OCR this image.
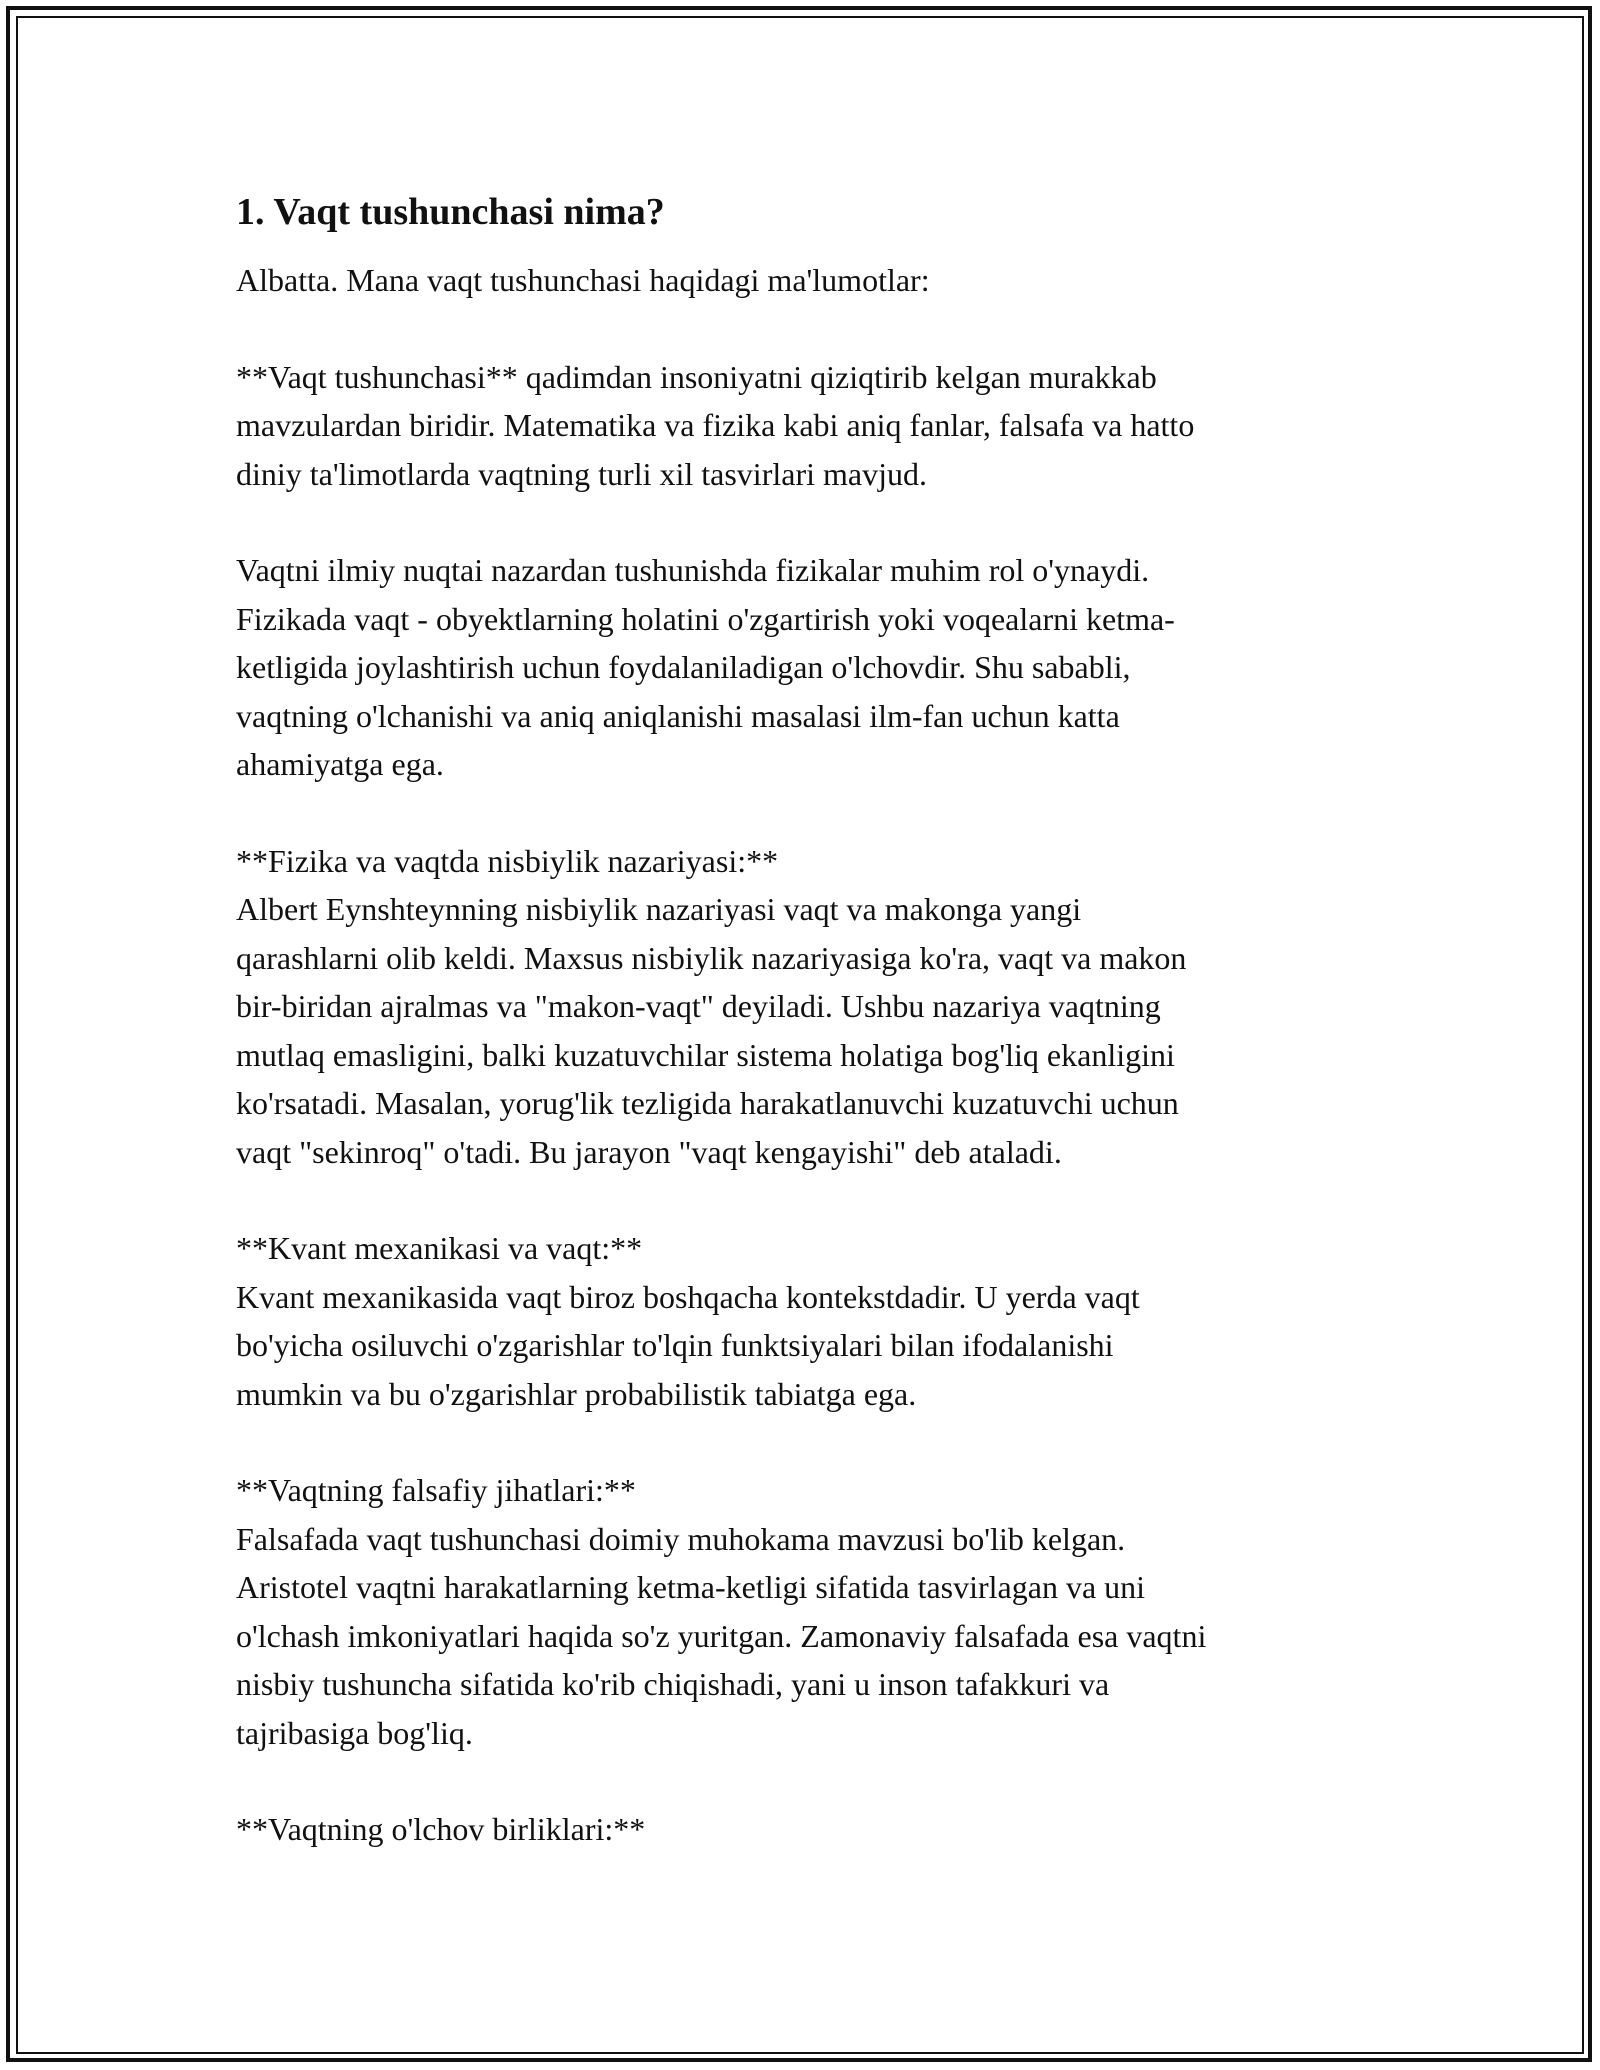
1. Vaqt tushunchasi nima?

Albatta. Mana vaqt tushunchasi haqidagi ma'lumotlar:

**Vaqt tushunchasi** qadimdan insoniyatni qiziqtirib kelgan murakkab
mavzulardan biridir. Matematika va fizika kabi aniq fanlar, falsafa va hatto
diniy ta'limotlarda vaqtning turli xil tasvirlari mavjud.

Vaqtni ilmiy nuqtai nazardan tushunishda fizikalar muhim rol o'ynaydi.
Fizikada vaqt - obyektlarning holatini o'zgartirish yoki voqealarni ketma-
ketligida joylashtirish uchun foydalaniladigan o'lchovdir. Shu sababli,
vaqtning o'lchanishi va aniq aniqlanishi masalasi ilm-fan uchun katta
ahamiyatga ega.

**Fizika va vaqtda nisbiylik nazariyasi:**
Albert Eynshteynning nisbiylik nazariyasi vaqt va makonga yangi
qarashlarni olib keldi. Maxsus nisbiylik nazariyasiga ko'ra, vaqt va makon
bir-biridan ajralmas va "makon-vaqt" deyiladi. Ushbu nazariya vaqtning
mutlaq emasligini, balki kuzatuvchilar sistema holatiga bog'liq ekanligini
ko'rsatadi. Masalan, yorug'lik tezligida harakatlanuvchi kuzatuvchi uchun
vaqt "sekinroq" o'tadi. Bu jarayon "vaqt kengayishi" deb ataladi.

**Kvant mexanikasi va vaqt:**
Kvant mexanikasida vaqt biroz boshqacha kontekstdadir. U yerda vaqt
bo'yicha osiluvchi o'zgarishlar to'lqin funktsiyalari bilan ifodalanishi
mumkin va bu o'zgarishlar probabilistik tabiatga ega.

**Vaqtning falsafiy jihatlari:**
Falsafada vaqt tushunchasi doimiy muhokama mavzusi bo'lib kelgan.
Aristotel vaqtni harakatlarning ketma-ketligi sifatida tasvirlagan va uni
o'lchash imkoniyatlari haqida so'z yuritgan. Zamonaviy falsafada esa vaqtni
nisbiy tushuncha sifatida ko'rib chiqishadi, yani u inson tafakkuri va
tajribasiga bog'liq.

**Vaqtning o'lchov birliklari:**
